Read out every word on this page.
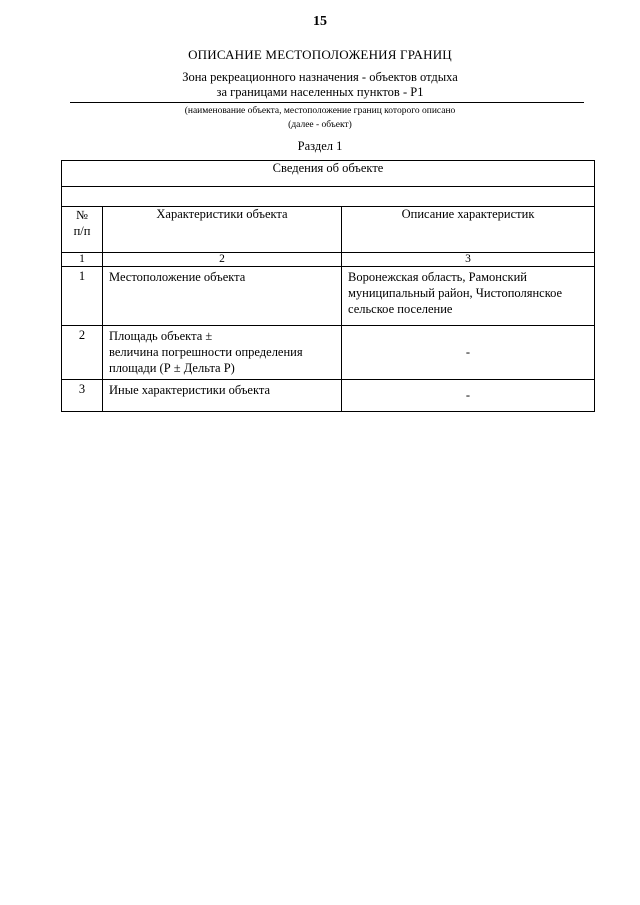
15
ОПИСАНИЕ МЕСТОПОЛОЖЕНИЯ ГРАНИЦ
Зона рекреационного назначения - объектов отдыха
за границами населенных пунктов - Р1
(наименование объекта, местоположение границ которого описано
(далее - объект)
Раздел 1
Сведения об объекте		

№
п/п	Характеристики объекта	Описание характеристик
1	2	3
1	Местоположение объекта	Воронежская область, Рамонский муниципальный район, Чистополянское сельское поселение
2	Площадь объекта ±
величина погрешности определения площади (Р ± Дельта Р)	-
3	Иные характеристики объекта	-
